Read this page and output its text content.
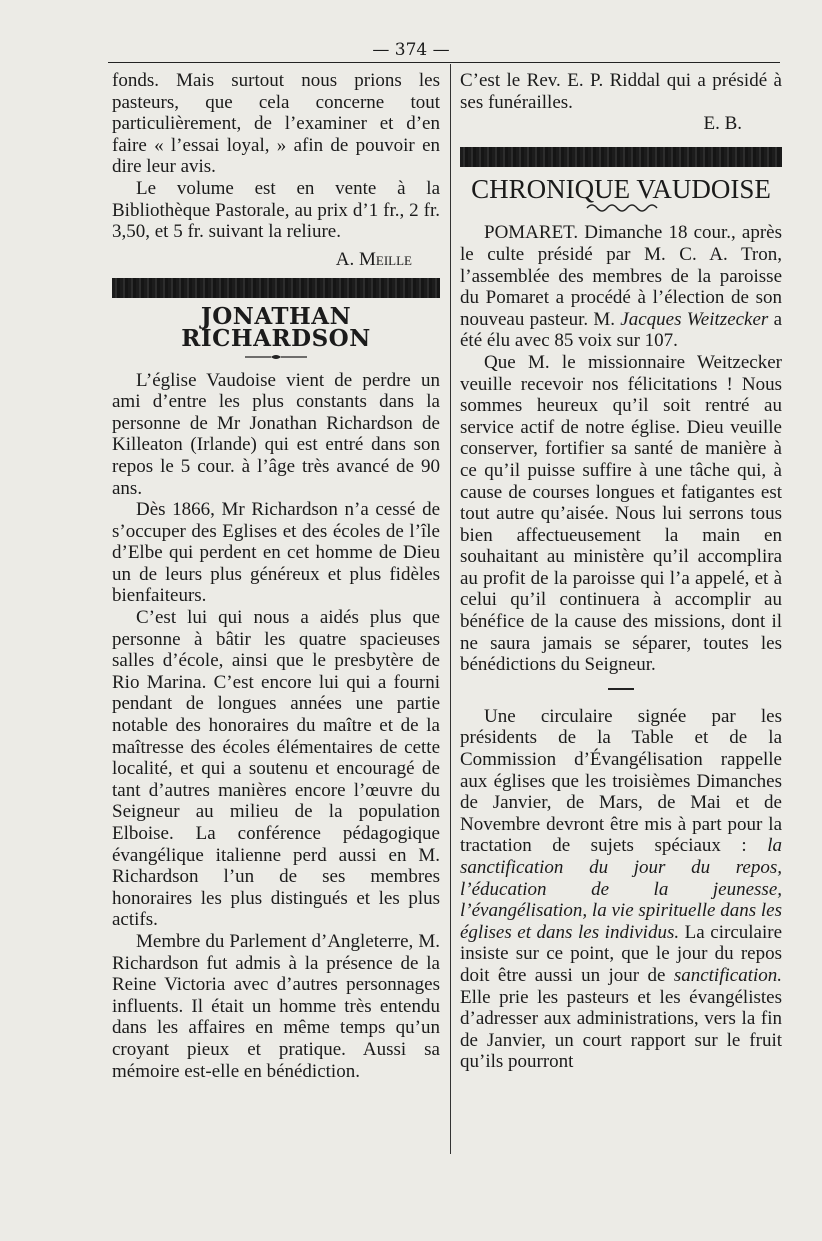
— 374 —

fonds. Mais surtout nous prions les pasteurs, que cela concerne tout particulièrement, de l’examiner et d’en faire « l’essai loyal, » afin de pouvoir en dire leur avis.

Le volume est en vente à la Bibliothèque Pastorale, au prix d’1 fr., 2 fr. 3,50, et 5 fr. suivant la reliure.

A. Meille
JONATHAN RICHARDSON

L’église Vaudoise vient de perdre un ami d’entre les plus constants dans la personne de Mr Jonathan Richardson de Killeaton (Irlande) qui est entré dans son repos le 5 cour. à l’âge très avancé de 90 ans.

Dès 1866, Mr Richardson n’a cessé de s’occuper des Eglises et des écoles de l’île d’Elbe qui perdent en cet homme de Dieu un de leurs plus généreux et plus fidèles bienfaiteurs.

C’est lui qui nous a aidés plus que personne à bâtir les quatre spacieuses salles d’école, ainsi que le presbytère de Rio Marina. C’est encore lui qui a fourni pendant de longues années une partie notable des honoraires du maître et de la maîtresse des écoles élémentaires de cette localité, et qui a soutenu et encouragé de tant d’autres manières encore l’œuvre du Seigneur au milieu de la population Elboise. La conférence pédagogique évangélique italienne perd aussi en M. Richardson l’un de ses membres honoraires les plus distingués et les plus actifs.

Membre du Parlement d’Angleterre, M. Richardson fut admis à la présence de la Reine Victoria avec d’autres personnages influents. Il était un homme très entendu dans les affaires en même temps qu’un croyant pieux et pratique. Aussi sa mémoire est-elle en bénédiction.

C’est le Rev. E. P. Riddal qui a présidé à ses funérailles.

E. B.
CHRONIQUE VAUDOISE

POMARET. Dimanche 18 cour., après le culte présidé par M. C. A. Tron, l’assemblée des membres de la paroisse du Pomaret a procédé à l’élection de son nouveau pasteur. M. Jacques Weitzecker a été élu avec 85 voix sur 107.

Que M. le missionnaire Weitzecker veuille recevoir nos félicitations ! Nous sommes heureux qu’il soit rentré au service actif de notre église. Dieu veuille conserver, fortifier sa santé de manière à ce qu’il puisse suffire à une tâche qui, à cause de courses longues et fatigantes est tout autre qu’aisée. Nous lui serrons tous bien affectueusement la main en souhaitant au ministère qu’il accomplira au profit de la paroisse qui l’a appelé, et à celui qu’il continuera à accomplir au bénéfice de la cause des missions, dont il ne saura jamais se séparer, toutes les bénédictions du Seigneur.

Une circulaire signée par les présidents de la Table et de la Commission d’Évangélisation rappelle aux églises que les troisièmes Dimanches de Janvier, de Mars, de Mai et de Novembre devront être mis à part pour la tractation de sujets spéciaux : la sanctification du jour du repos, l’éducation de la jeunesse, l’évangélisation, la vie spirituelle dans les églises et dans les individus. La circulaire insiste sur ce point, que le jour du repos doit être aussi un jour de sanctification. Elle prie les pasteurs et les évangélistes d’adresser aux administrations, vers la fin de Janvier, un court rapport sur le fruit qu’ils pourront
